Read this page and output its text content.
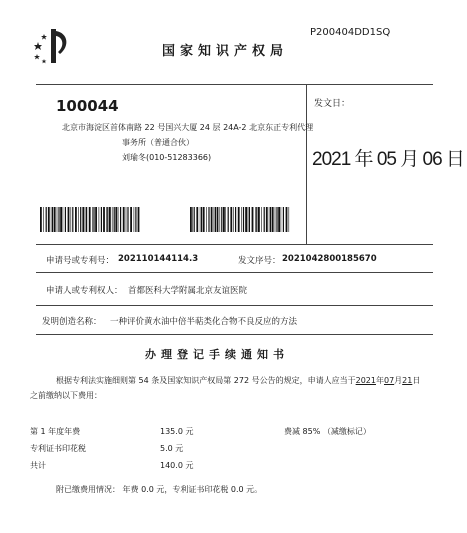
P200404DD1SQ
国家知识产权局
100044
北京市海淀区首体南路 22 号国兴大厦 24 层 24A-2 北京东正专利代理
事务所（普通合伙）
刘瑜冬(010-51283366)
发文日：
2021 年 05 月 06 日
申请号或专利号： 202110144114.3	发文序号： 2021042800185670
申请人或专利权人： 首都医科大学附属北京友谊医院
发明创造名称： 一种评价黄水油中倍半萜类化合物不良反应的方法
办理登记手续通知书
根据专利法实施细则第 54 条及国家知识产权局第 272 号公告的规定，申请人应当于2021年07月21日
之前缴纳以下费用：
第 1 年度年费	135.0 元	费减 85% （减缴标记）
专利证书印花税	5.0 元
共计	140.0 元
附已缴费用情况： 年费 0.0 元，专利证书印花税 0.0 元。
